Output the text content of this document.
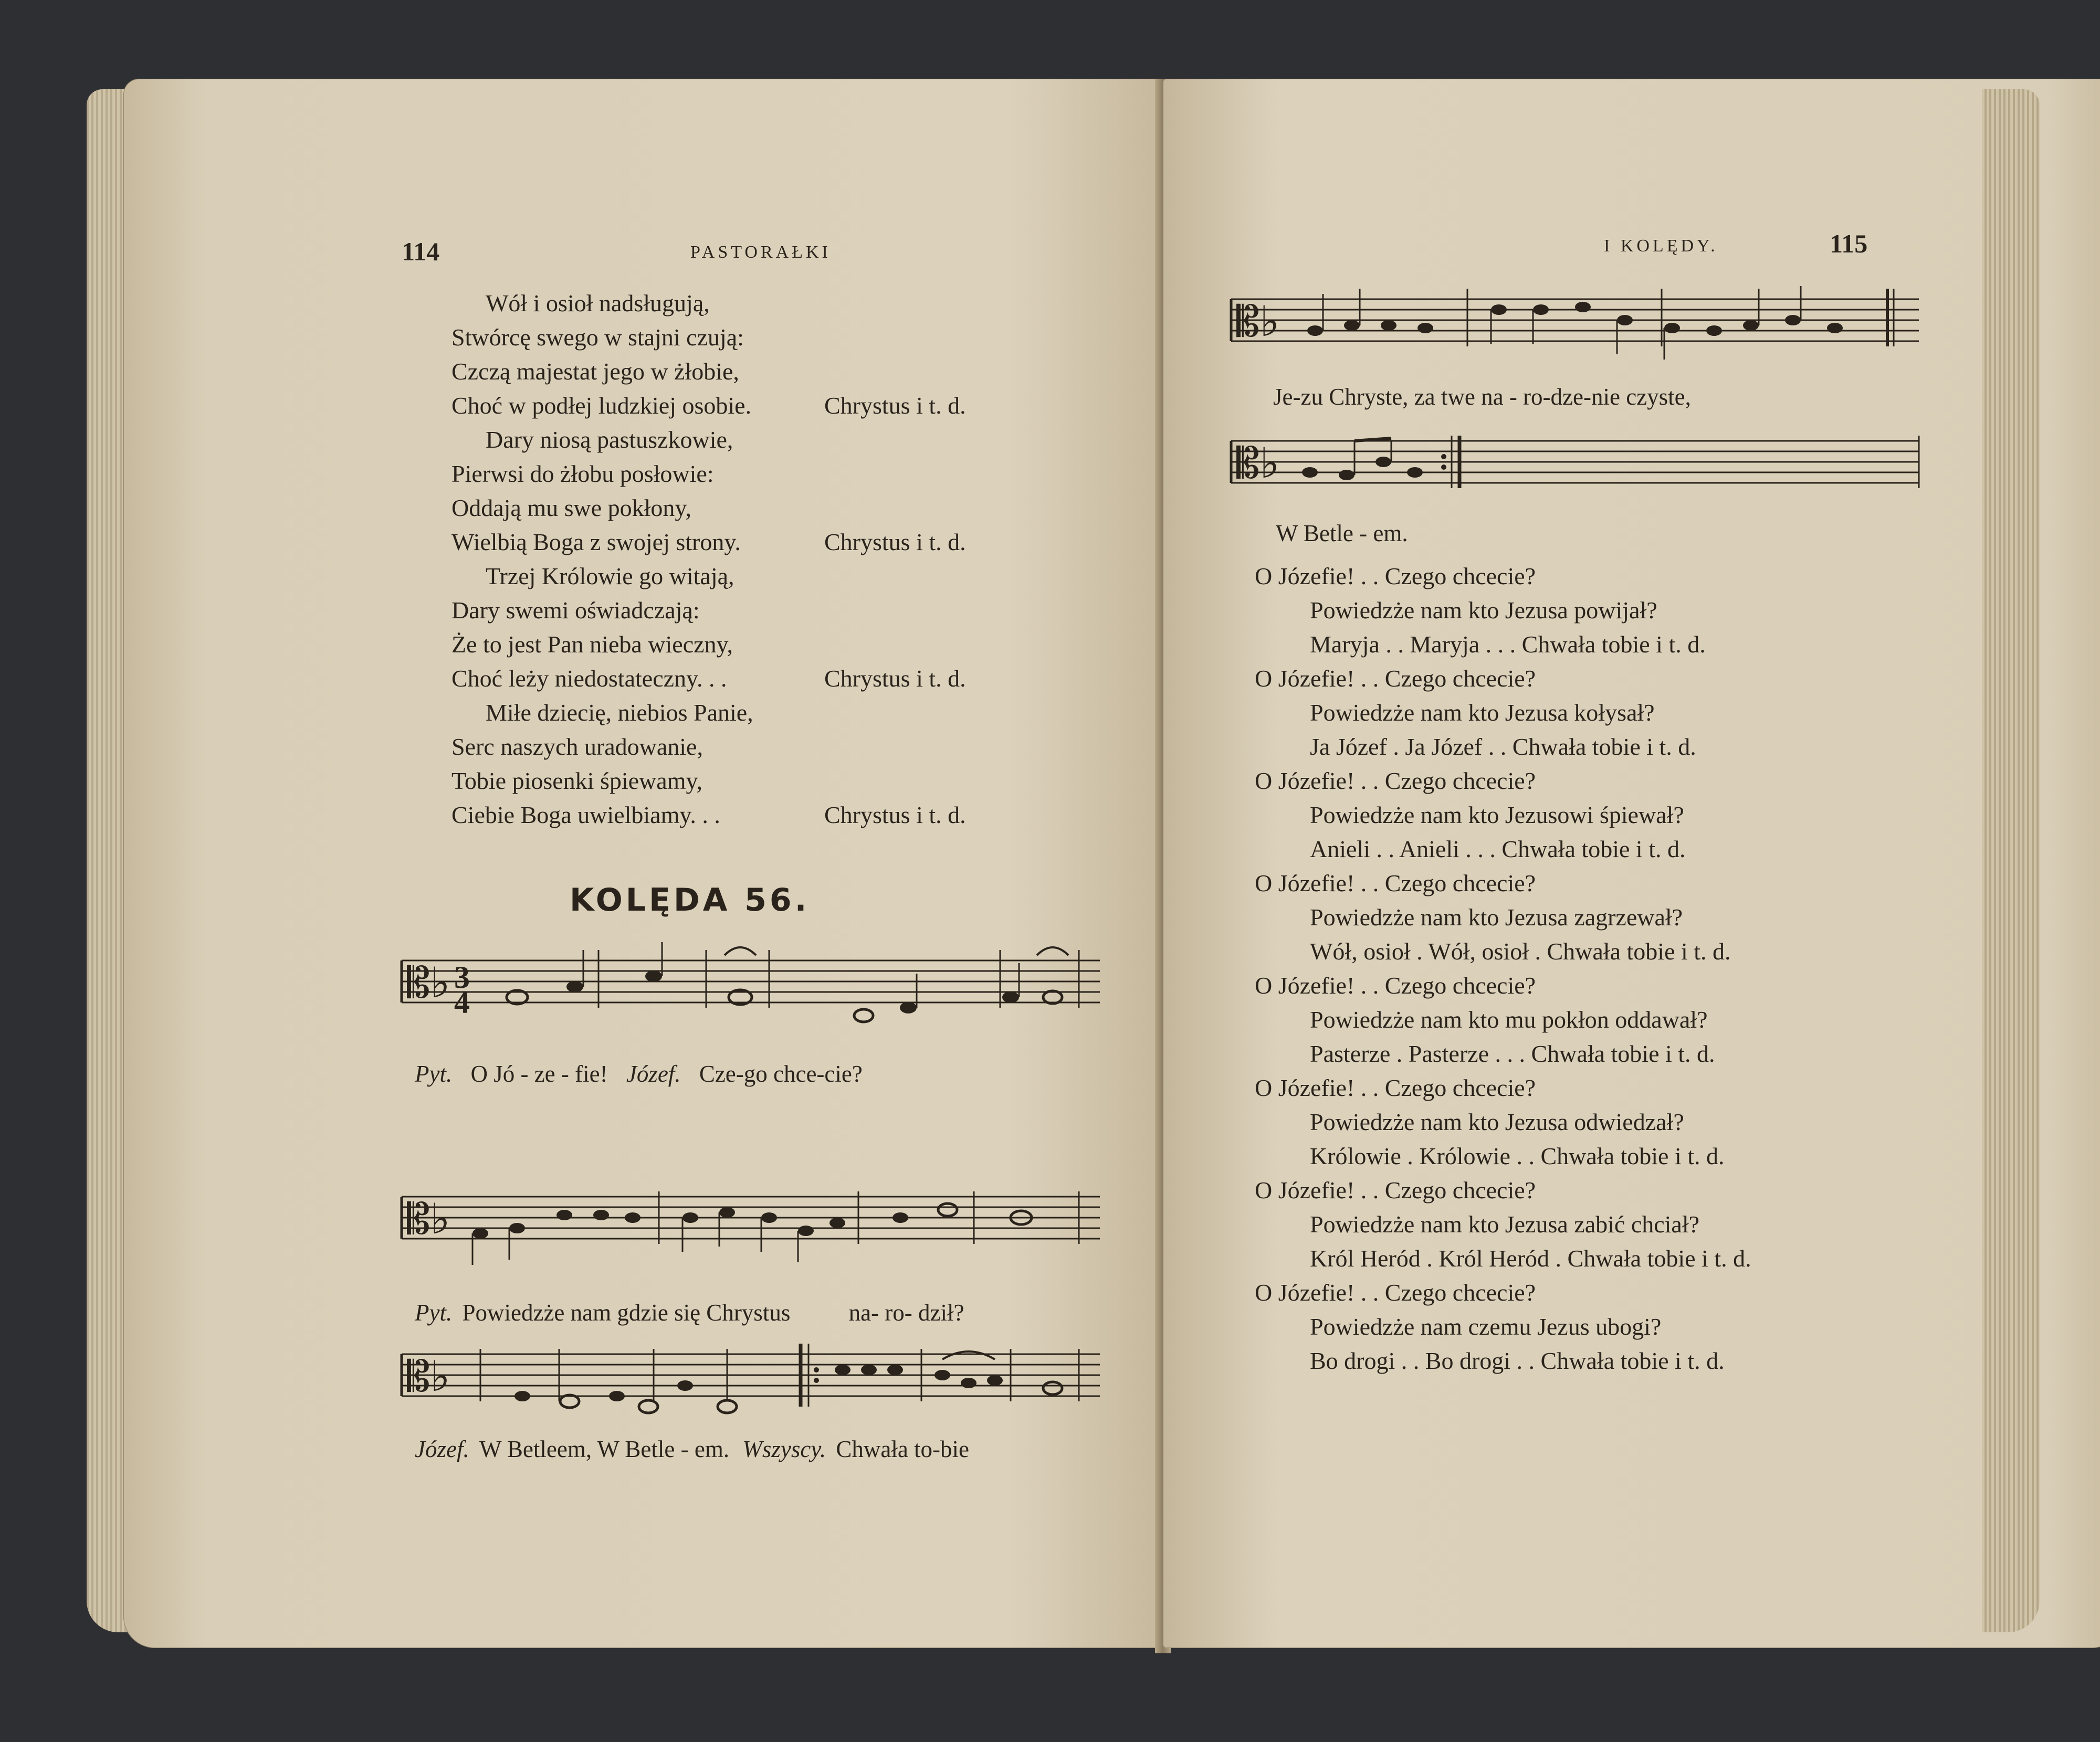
114	PASTORAŁKI
Wół i osioł nadsługują,
Stwórcę swego w stajni czują:
Czczą majestat jego w żłobie,
Choć w podłej ludzkiej osobie.	Chrystus i t. d.
Dary niosą pastuszkowie,
Pierwsi do żłobu posłowie:
Oddają mu swe pokłony,
Wielbią Boga z swojej strony.	Chrystus i t. d.
Trzej Królowie go witają,
Dary swemi oświadczają:
Że to jest Pan nieba wieczny,
Choć leży niedostateczny. . .	Chrystus i t. d.
Miłe dziecię, niebios Panie,
Serc naszych uradowanie,
Tobie piosenki śpiewamy,
Ciebie Boga uwielbiamy. . .	Chrystus i t. d.
KOLĘDA 56.
𝄡♭ 3
4
Pyt. O Jó - ze - fie! Józef. Cze-go chce-cie?
𝄡♭
Pyt. Powiedzże nam gdzie się Chrystus na- ro- dził?
𝄡♭
Józef. W Betleem, W Betle - em. Wszyscy. Chwała to-bie
I KOLĘDY.	115
𝄡♭
Je-zu Chryste, za twe na - ro-dze-nie czyste,
𝄡♭
W Betle - em.
O Józefie! . . Czego chcecie?
Powiedzże nam kto Jezusa powijał?
Maryja . . Maryja . . . Chwała tobie i t. d.
O Józefie! . . Czego chcecie?
Powiedzże nam kto Jezusa kołysał?
Ja Józef . Ja Józef . . Chwała tobie i t. d.
O Józefie! . . Czego chcecie?
Powiedzże nam kto Jezusowi śpiewał?
Anieli . . Anieli . . . Chwała tobie i t. d.
O Józefie! . . Czego chcecie?
Powiedzże nam kto Jezusa zagrzewał?
Wół, osioł . Wół, osioł . Chwała tobie i t. d.
O Józefie! . . Czego chcecie?
Powiedzże nam kto mu pokłon oddawał?
Pasterze . Pasterze . . . Chwała tobie i t. d.
O Józefie! . . Czego chcecie?
Powiedzże nam kto Jezusa odwiedzał?
Królowie . Królowie . . Chwała tobie i t. d.
O Józefie! . . Czego chcecie?
Powiedzże nam kto Jezusa zabić chciał?
Król Heród . Król Heród . Chwała tobie i t. d.
O Józefie! . . Czego chcecie?
Powiedzże nam czemu Jezus ubogi?
Bo drogi . . Bo drogi . . Chwała tobie i t. d.
